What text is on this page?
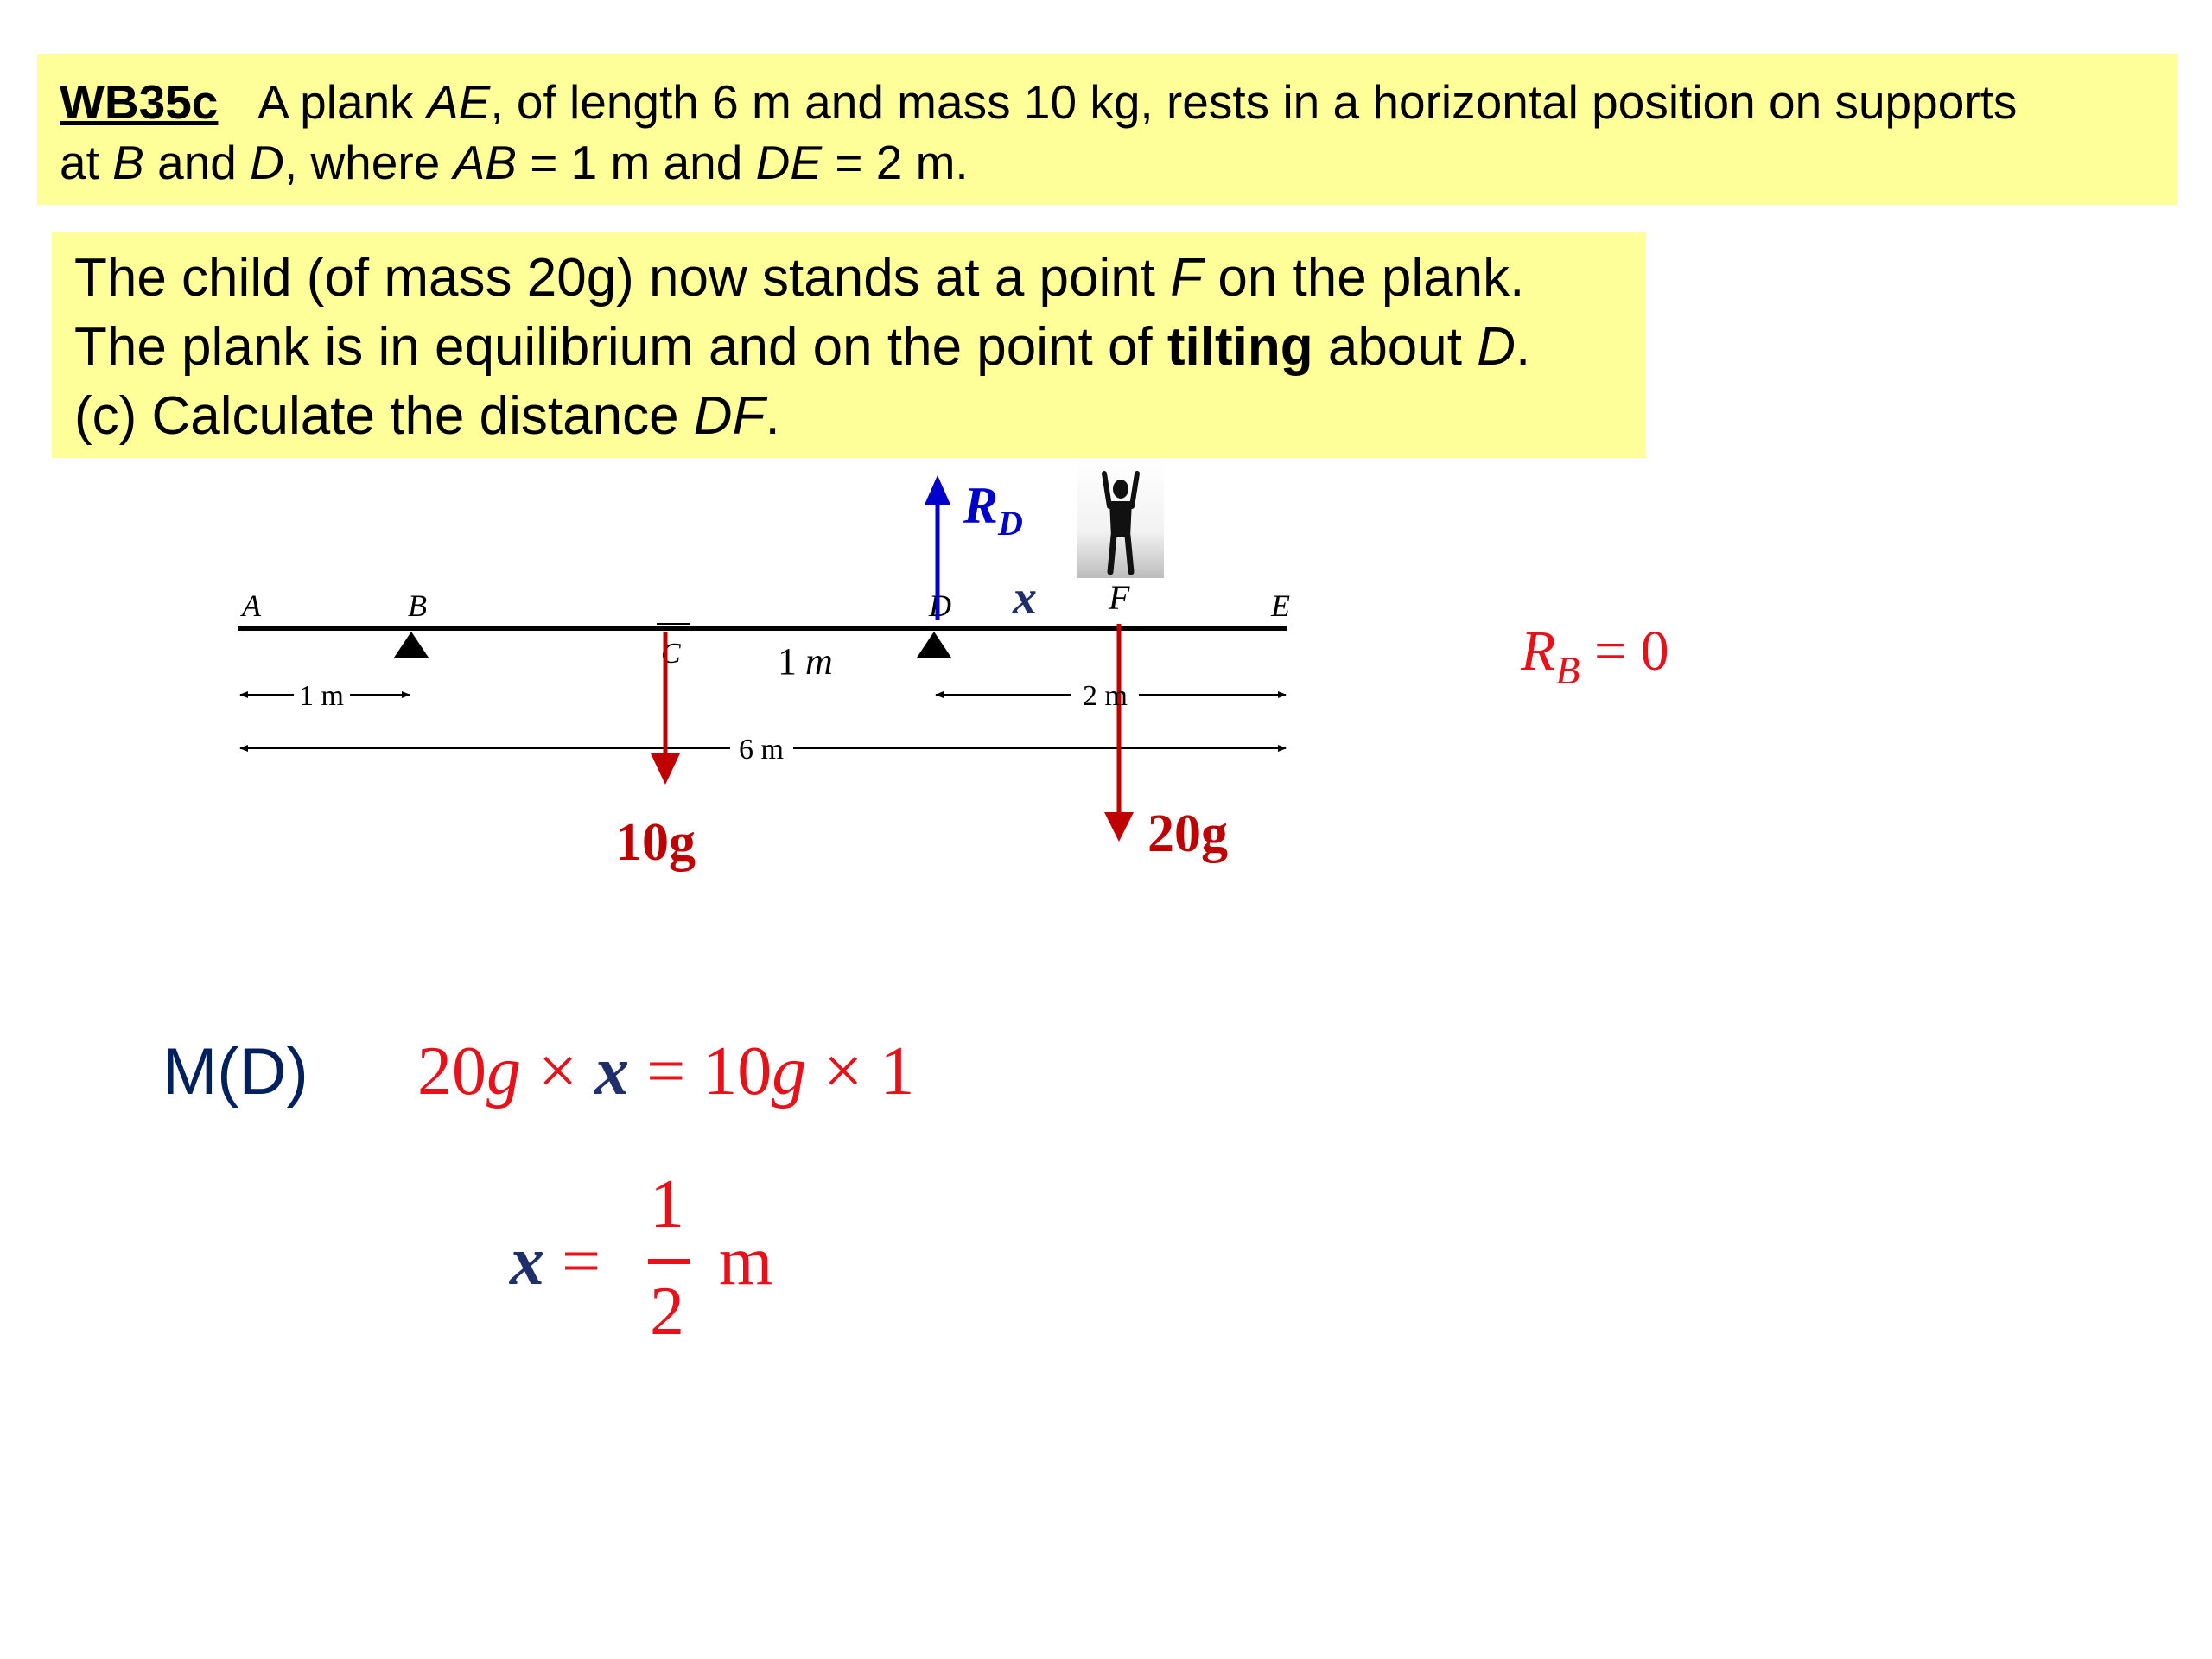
WB35c A plank AE, of length 6 m and mass 10 kg, rests in a horizontal position on supports
at B and D, where AB = 1 m and DE = 2 m.
The child (of mass 20g) now stands at a point F on the plank.
The plank is in equilibrium and on the point of tilting about D.
(c) Calculate the distance DF.
A	B
C
D	E
F
1 m
6 m
1 m
$R_D$
x
10g	20g
2 m
$R_B = 0$
M(D) 20g × x = 10g × 1
x =
1
2
m
